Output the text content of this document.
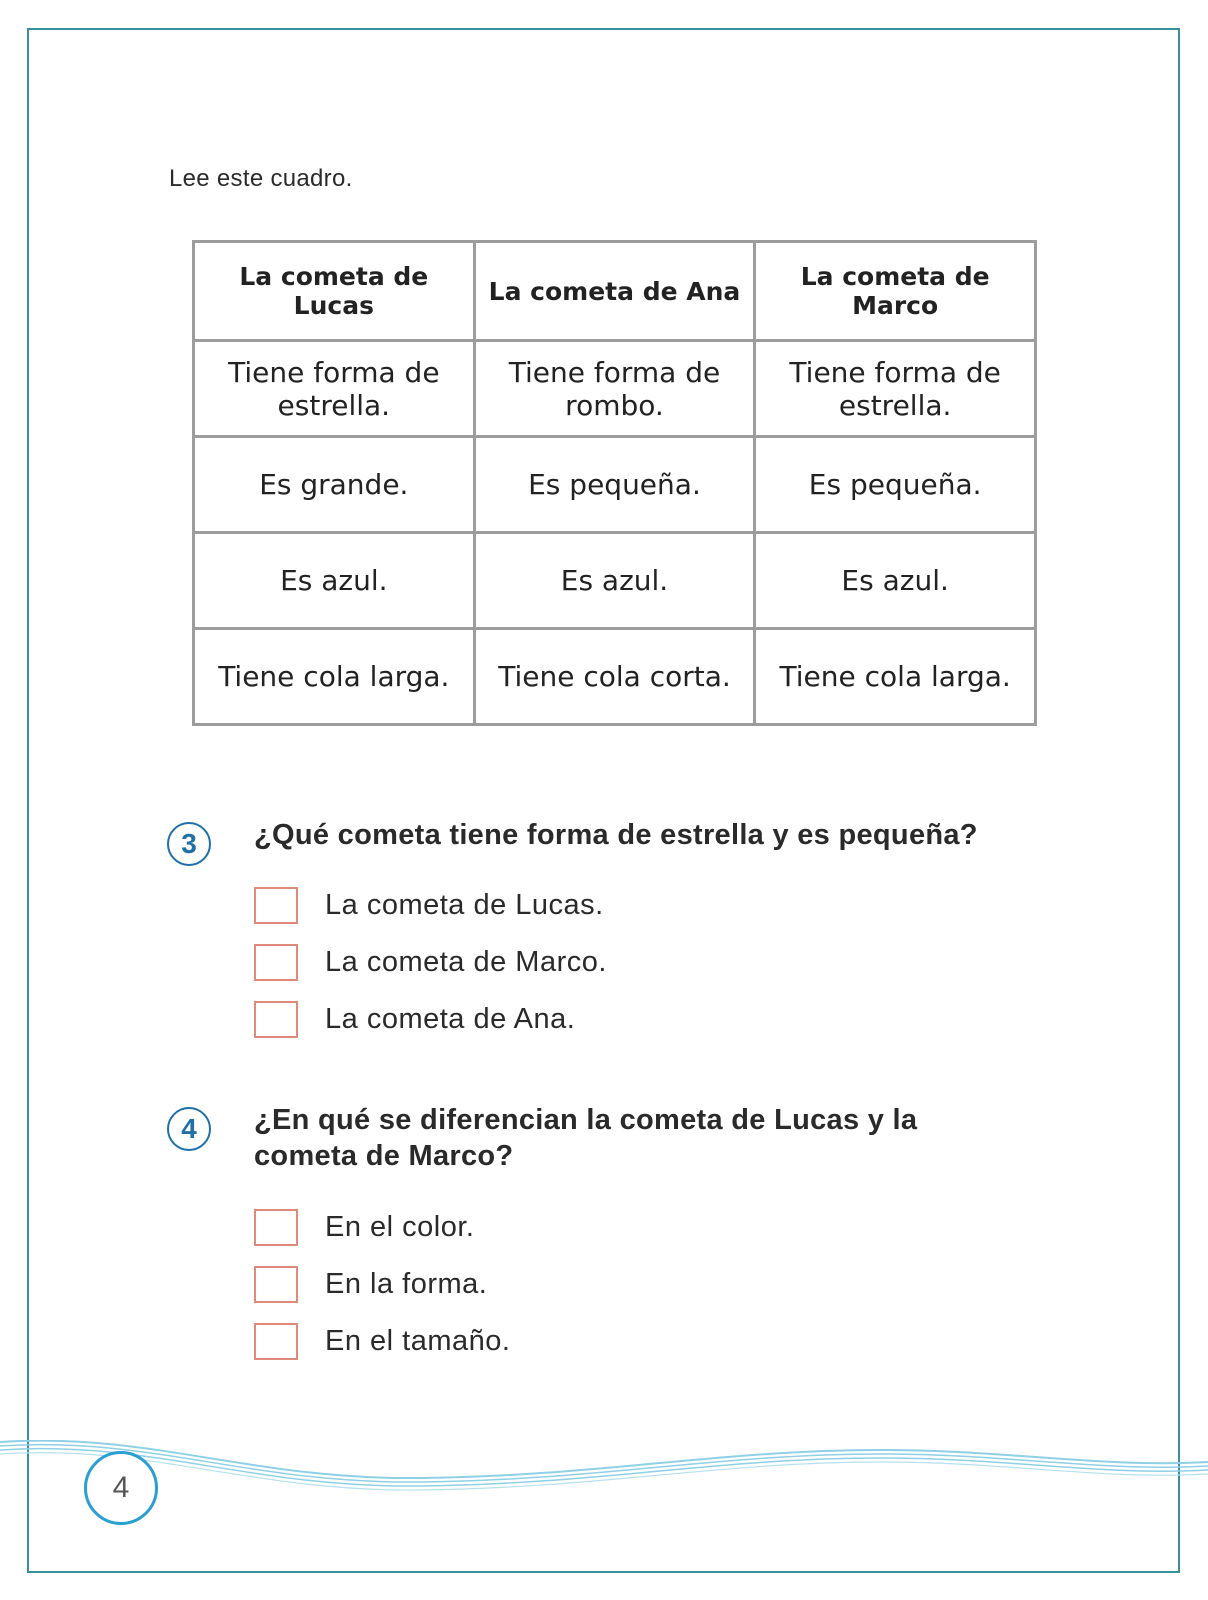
Lee este cuadro.
La cometa de Lucas	La cometa de Ana	La cometa de Marco
Tiene forma de estrella.	Tiene forma de rombo.	Tiene forma de estrella.
Es grande.	Es pequeña.	Es pequeña.
Es azul.	Es azul.	Es azul.
Tiene cola larga.	Tiene cola corta.	Tiene cola larga.
3	¿Qué cometa tiene forma de estrella y es pequeña?
La cometa de Lucas.
La cometa de Marco.
La cometa de Ana.
4	¿En qué se diferencian la cometa de Lucas y la cometa de Marco?
En el color.
En la forma.
En el tamaño.
4
